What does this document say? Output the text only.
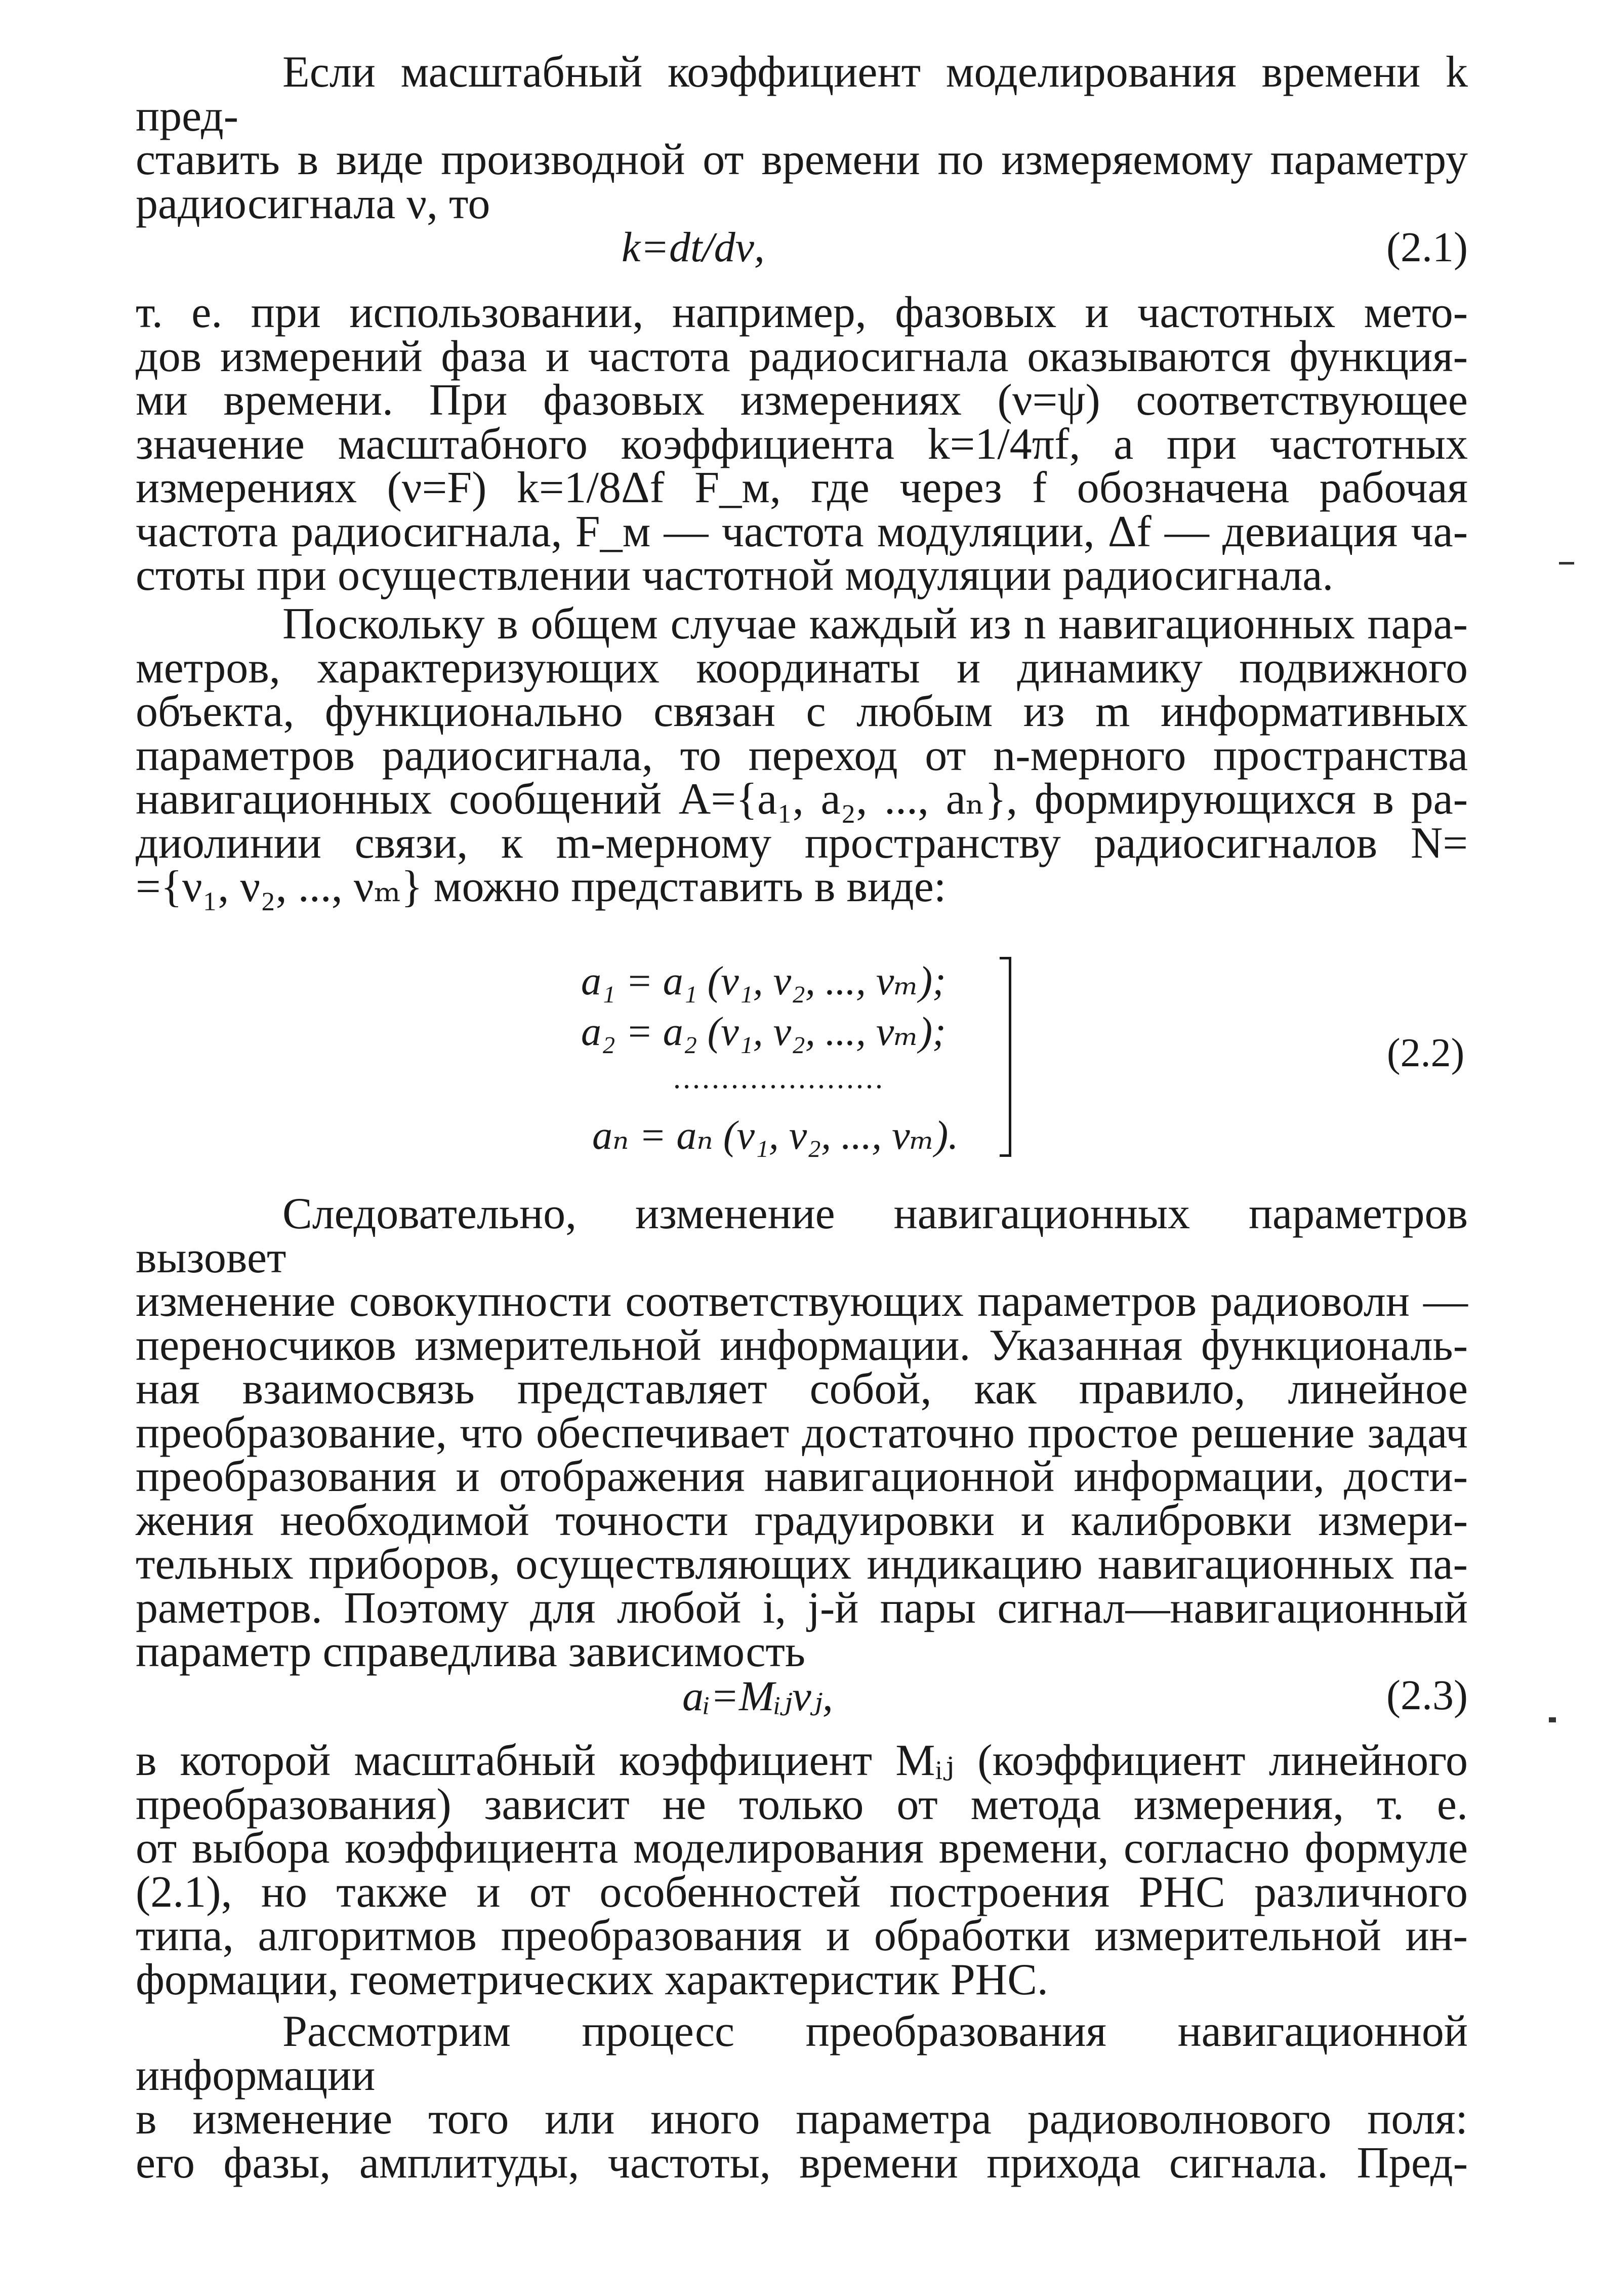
Если масштабный коэффициент моделирования времени k пред-
ставить в виде производной от времени по измеряемому параметру
радиосигнала ν, то
k=dt/dν,	(2.1)
т. е. при использовании, например, фазовых и частотных мето-
дов измерений фаза и частота радиосигнала оказываются функция-
ми времени. При фазовых измерениях (ν=ψ) соответствующее
значение масштабного коэффициента k=1/4πf, а при частотных
измерениях (ν=F) k=1/8Δf F_м, где через f обозначена рабочая
частота радиосигнала, F_м — частота модуляции, Δf — девиация ча-
стоты при осуществлении частотной модуляции радиосигнала.
Поскольку в общем случае каждый из n навигационных пара-
метров, характеризующих координаты и динамику подвижного
объекта, функционально связан с любым из m информативных
параметров радиосигнала, то переход от n-мерного пространства
навигационных сообщений A={a₁, a₂, ..., aₙ}, формирующихся в ра-
диолинии связи, к m-мерному пространству радиосигналов N=
={ν₁, ν₂, ..., νₘ} можно представить в виде:
a₁ = a₁ (ν₁, ν₂, ..., νₘ);
a₂ = a₂ (ν₁, ν₂, ..., νₘ);
......................
aₙ = aₙ (ν₁, ν₂, ..., νₘ).
(2.2)
Следовательно, изменение навигационных параметров вызовет
изменение совокупности соответствующих параметров радиоволн —
переносчиков измерительной информации. Указанная функциональ-
ная взаимосвязь представляет собой, как правило, линейное
преобразование, что обеспечивает достаточно простое решение задач
преобразования и отображения навигационной информации, дости-
жения необходимой точности градуировки и калибровки измери-
тельных приборов, осуществляющих индикацию навигационных па-
раметров. Поэтому для любой i, j-й пары сигнал—навигационный
параметр справедлива зависимость
aᵢ=Mᵢⱼνⱼ,	(2.3)
в которой масштабный коэффициент Mᵢⱼ (коэффициент линейного
преобразования) зависит не только от метода измерения, т. е.
от выбора коэффициента моделирования времени, согласно формуле
(2.1), но также и от особенностей построения РНС различного
типа, алгоритмов преобразования и обработки измерительной ин-
формации, геометрических характеристик РНС.
Рассмотрим процесс преобразования навигационной информации
в изменение того или иного параметра радиоволнового поля:
его фазы, амплитуды, частоты, времени прихода сигнала. Пред-
